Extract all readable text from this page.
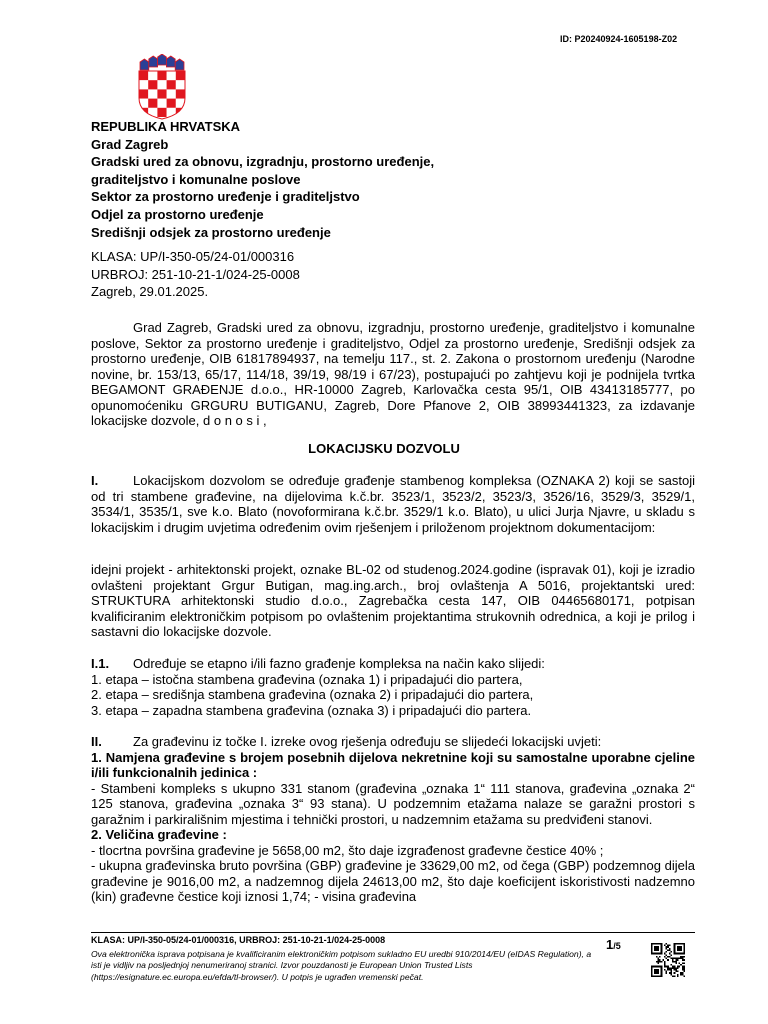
ID: P20240924-1605198-Z02
REPUBLIKA HRVATSKA
Grad Zagreb
Gradski ured za obnovu, izgradnju, prostorno uređenje,
graditeljstvo i komunalne poslove
Sektor za prostorno uređenje i graditeljstvo
Odjel za prostorno uređenje
Središnji odsjek za prostorno uređenje
KLASA: UP/I-350-05/24-01/000316
URBROJ: 251-10-21-1/024-25-0008
Zagreb, 29.01.2025.

Grad Zagreb, Gradski ured za obnovu, izgradnju, prostorno uređenje, graditeljstvo i komunalne poslove, Sektor za prostorno uređenje i graditeljstvo, Odjel za prostorno uređenje, Središnji odsjek za prostorno uređenje, OIB 61817894937, na temelju 117., st. 2. Zakona o prostornom uređenju (Narodne novine, br. 153/13, 65/17, 114/18, 39/19, 98/19 i 67/23), postupajući po zahtjevu koji je podnijela tvrtka BEGAMONT GRAĐENJE d.o.o., HR-10000 Zagreb, Karlovačka cesta 95/1, OIB 43413185777, po opunomoćeniku GRGURU BUTIGANU, Zagreb, Dore Pfanove 2, OIB 38993441323, za izdavanje lokacijske dozvole, d o n o s i ,

LOKACIJSKU DOZVOLU

I.	Lokacijskom dozvolom se određuje građenje stambenog kompleksa (OZNAKA 2) koji se sastoji od tri stambene građevine, na dijelovima k.č.br. 3523/1, 3523/2, 3523/3, 3526/16, 3529/3, 3529/1, 3534/1, 3535/1, sve k.o. Blato (novoformirana k.č.br. 3529/1 k.o. Blato), u ulici Jurja Njavre, u skladu s lokacijskim i drugim uvjetima određenim ovim rješenjem i priloženom projektnom dokumentacijom:

idejni projekt - arhitektonski projekt, oznake BL-02 od studenog.2024.godine (ispravak 01), koji je izradio ovlašteni projektant Grgur Butigan, mag.ing.arch., broj ovlaštenja A 5016, projektantski ured: STRUKTURA arhitektonski studio d.o.o., Zagrebačka cesta 147, OIB 04465680171, potpisan kvalificiranim elektroničkim potpisom po ovlaštenim projektantima strukovnih odrednica, a koji je prilog i sastavni dio lokacijske dozvole.

I.1. Određuje se etapno i/ili fazno građenje kompleksa na način kako slijedi:

1. etapa – istočna stambena građevina (oznaka 1) i pripadajući dio partera,

2. etapa – središnja stambena građevina (oznaka 2) i pripadajući dio partera,

3. etapa – zapadna stambena građevina (oznaka 3) i pripadajući dio partera.

II. Za građevinu iz točke I. izreke ovog rješenja određuju se slijedeći lokacijski uvjeti:

1. Namjena građevine s brojem posebnih dijelova nekretnine koji su samostalne uporabne cjeline i/ili funkcionalnih jedinica :

- Stambeni kompleks s ukupno 331 stanom (građevina „oznaka 1“ 111 stanova, građevina „oznaka 2“ 125 stanova, građevina „oznaka 3“ 93 stana). U podzemnim etažama nalaze se garažni prostori s garažnim i parkirališnim mjestima i tehnički prostori, u nadzemnim etažama su predviđeni stanovi.

2. Veličina građevine :

- tlocrtna površina građevine je 5658,00 m2, što daje izgrađenost građevne čestice 40% ;

- ukupna građevinska bruto površina (GBP) građevine je 33629,00 m2, od čega (GBP) podzemnog dijela građevine je 9016,00 m2, a nadzemnog dijela 24613,00 m2, što daje koeficijent iskoristivosti nadzemno (kin) građevne čestice koji iznosi 1,74; - visina građevina

KLASA: UP/I-350-05/24-01/000316, URBROJ: 251-10-21-1/024-25-0008
Ova elektronička isprava potpisana je kvalificiranim elektroničkim potpisom sukladno EU uredbi 910/2014/EU (eIDAS Regulation), a isti je vidljiv na posljednjoj nenumeriranoj stranici. Izvor pouzdanosti je European Union Trusted Lists (https://esignature.ec.europa.eu/efda/tl-browser/). U potpis je ugrađen vremenski pečat.
1/5
